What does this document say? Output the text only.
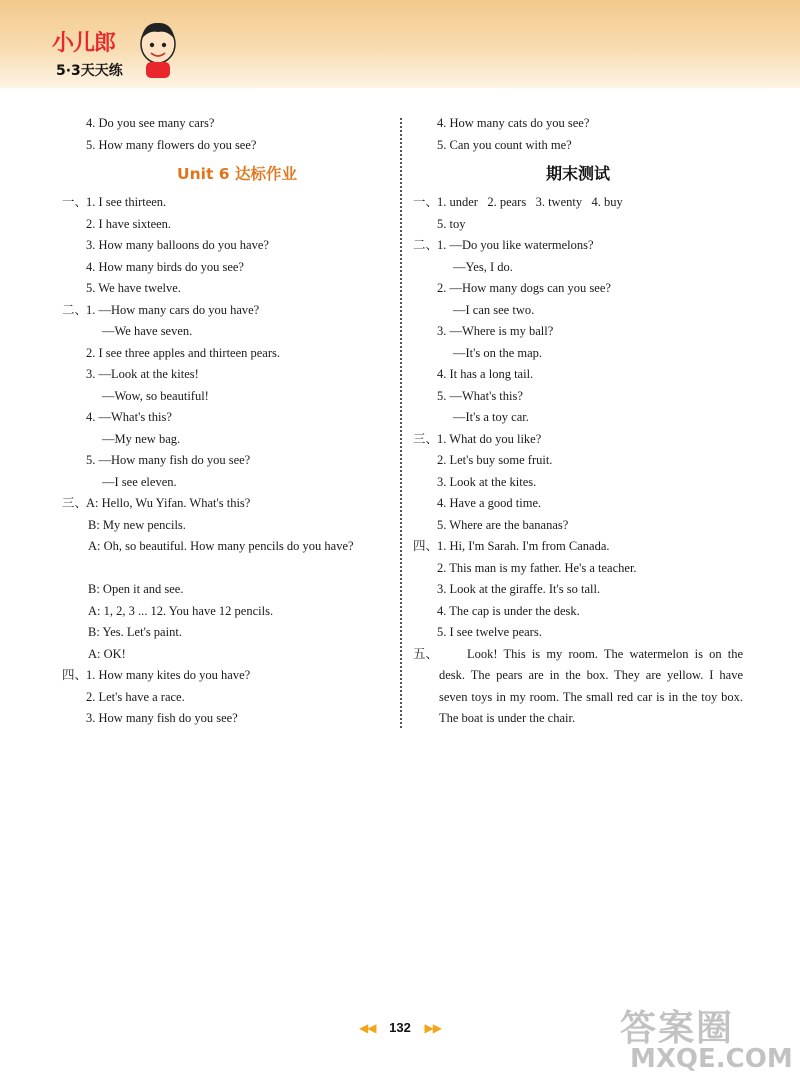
小儿郎
5·3天天练
4. Do you see many cars?
5. How many flowers do you see?
Unit 6 达标作业
一、1. I see thirteen.
2. I have sixteen.
3. How many balloons do you have?
4. How many birds do you see?
5. We have twelve.
二、1. —How many cars do you have?
—We have seven.
2. I see three apples and thirteen pears.
3. —Look at the kites!
—Wow, so beautiful!
4. —What's this?
—My new bag.
5. —How many fish do you see?
—I see eleven.
三、A: Hello, Wu Yifan. What's this?
B: My new pencils.
A: Oh, so beautiful. How many pencils do you have?
B: Open it and see.
A: 1, 2, 3 ... 12. You have 12 pencils.
B: Yes. Let's paint.
A: OK!
四、1. How many kites do you have?
2. Let's have a race.
3. How many fish do you see?
4. How many cats do you see?
5. Can you count with me?
期末测试
一、1. under   2. pears   3. twenty   4. buy
5. toy
二、1. —Do you like watermelons?
—Yes, I do.
2. —How many dogs can you see?
—I can see two.
3. —Where is my ball?
—It's on the map.
4. It has a long tail.
5. —What's this?
—It's a toy car.
三、1. What do you like?
2. Let's buy some fruit.
3. Look at the kites.
4. Have a good time.
5. Where are the bananas?
四、1. Hi, I'm Sarah. I'm from Canada.
2. This man is my father. He's a teacher.
3. Look at the giraffe. It's so tall.
4. The cap is under the desk.
5. I see twelve pears.
五、	Look! This is my room. The watermelon is on the desk. The pears are in the box. They are yellow. I have seven toys in my room. The small red car is in the toy box. The boat is under the chair.
◀◀ 132 ▶▶	答案圈
MXQE.COM
